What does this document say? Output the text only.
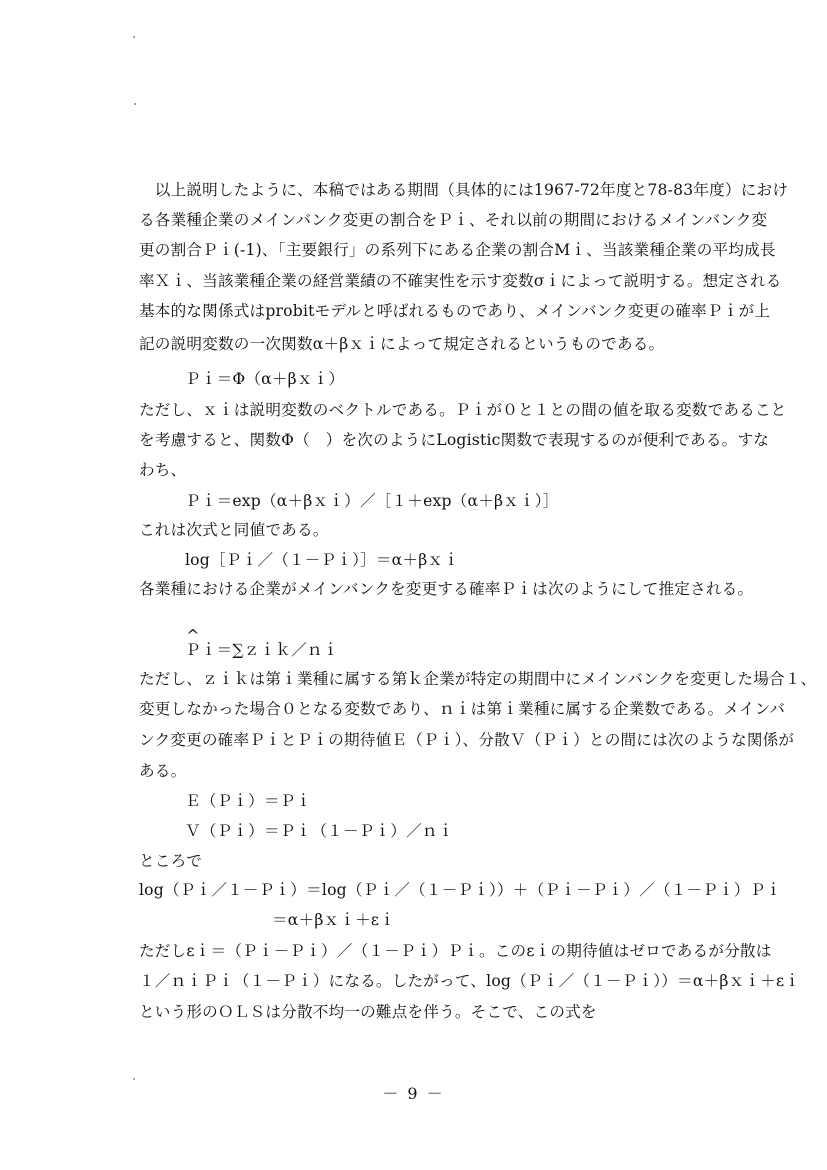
　以上説明したように、本稿ではある期間（具体的には1967-72年度と78-83年度）におけ
る各業種企業のメインバンク変更の割合をＰｉ、それ以前の期間におけるメインバンク変
更の割合Ｐｉ(-1)、「主要銀行」の系列下にある企業の割合Mｉ、当該業種企業の平均成長
率Ｘｉ、当該業種企業の経営業績の不確実性を示す変数σｉによって説明する。想定される
基本的な関係式はprobitモデルと呼ばれるものであり、メインバンク変更の確率Ｐｉが上
記の説明変数の一次関数α＋βｘｉによって規定されるというものである。
Ｐｉ＝Φ（α＋βｘｉ）
ただし、ｘｉは説明変数のベクトルである。Ｐｉが０と１との間の値を取る変数であること
を考慮すると、関数Φ（　）を次のようにLogistic関数で表現するのが便利である。すな
わち、
Ｐｉ＝exp（α＋βｘｉ）／［１＋exp（α＋βｘｉ）］
これは次式と同値である。
log［Ｐｉ／（１－Ｐｉ）］＝α＋βｘｉ
各業種における企業がメインバンクを変更する確率Ｐｉは次のようにして推定される。
^ Ｐｉ＝∑ｚｉｋ／ｎｉ
ただし、ｚｉｋは第ｉ業種に属する第ｋ企業が特定の期間中にメインバンクを変更した場合１、
変更しなかった場合０となる変数であり、ｎｉは第ｉ業種に属する企業数である。メインバ
ンク変更の確率ＰｉとＰｉの期待値Ｅ（Ｐｉ）、分散Ｖ（Ｐｉ）との間には次のような関係が
ある。
Ｅ（Ｐｉ）＝Ｐｉ
Ｖ（Ｐｉ）＝Ｐｉ（１－Ｐｉ）／ｎｉ
ところで
log（Ｐｉ／１－Ｐｉ）＝log（Ｐｉ／（１－Ｐｉ））＋（Ｐｉ－Ｐｉ）／（１－Ｐｉ）Ｐｉ
＝α＋βｘｉ＋εｉ
ただしεｉ＝（Ｐｉ－Ｐｉ）／（１－Ｐｉ）Ｐｉ。このεｉの期待値はゼロであるが分散は
１／ｎｉＰｉ（１－Ｐｉ）になる。したがって、log（Ｐｉ／（１－Ｐｉ））＝α＋βｘｉ＋εｉ
という形のＯＬＳは分散不均一の難点を伴う。そこで、この式を
－ 9 －
